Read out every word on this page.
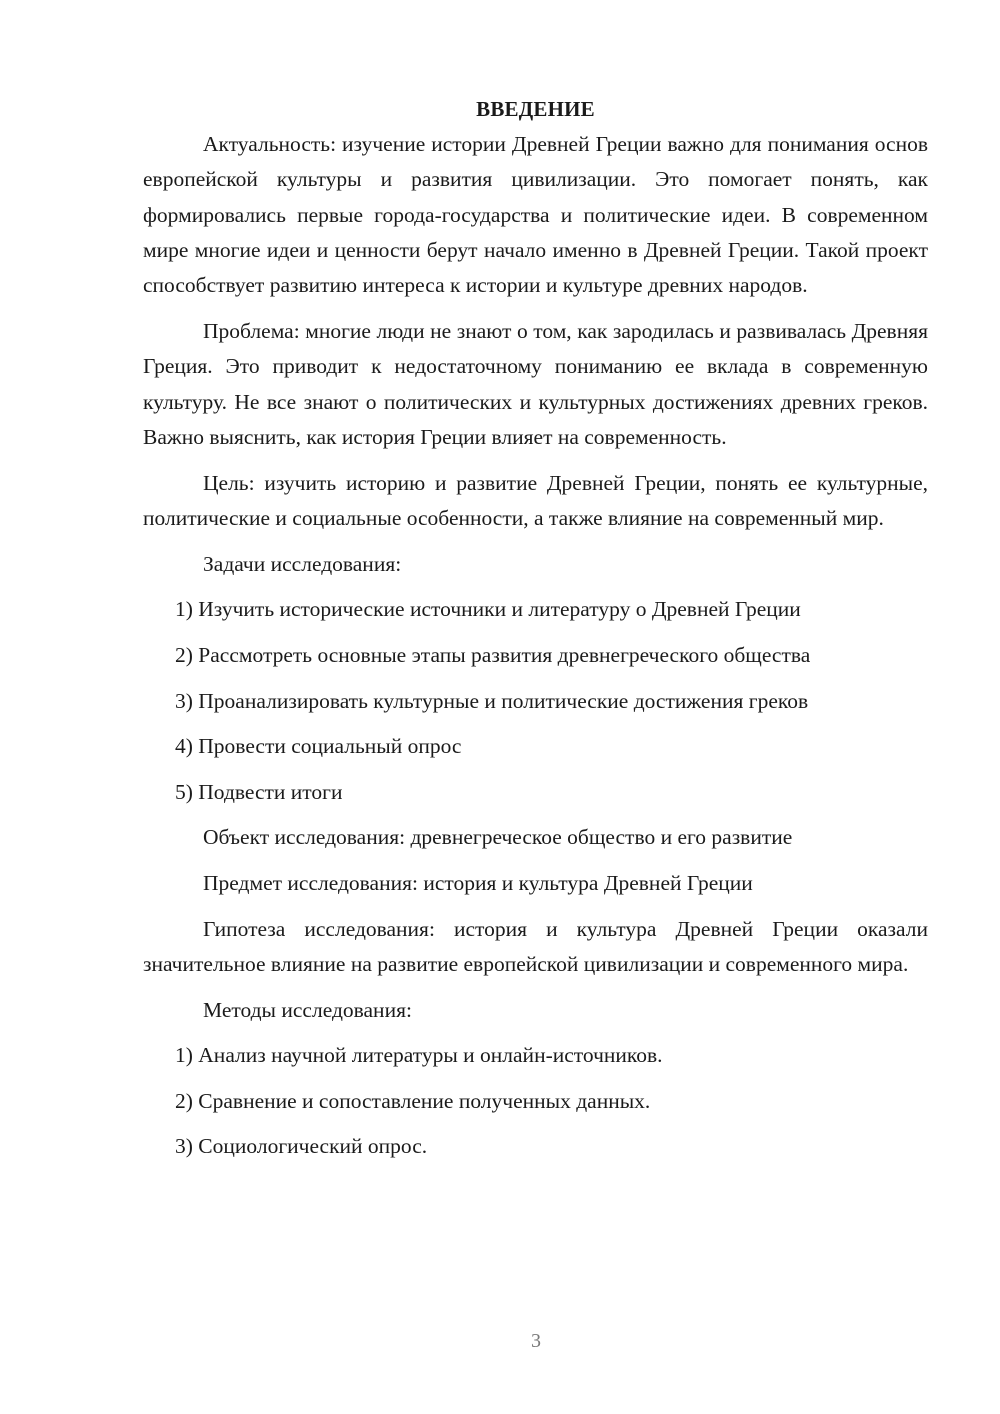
ВВЕДЕНИЕ

Актуальность: изучение истории Древней Греции важно для понимания основ европейской культуры и развития цивилизации. Это помогает понять, как формировались первые города-государства и политические идеи. В современном мире многие идеи и ценности берут начало именно в Древней Греции. Такой проект способствует развитию интереса к истории и культуре древних народов.

Проблема: многие люди не знают о том, как зародилась и развивалась Древняя Греция. Это приводит к недостаточному пониманию ее вклада в современную культуру. Не все знают о политических и культурных достижениях древних греков. Важно выяснить, как история Греции влияет на современность.

Цель: изучить историю и развитие Древней Греции, понять ее культурные, политические и социальные особенности, а также влияние на современный мир.

Задачи исследования:

1) Изучить исторические источники и литературу о Древней Греции

2) Рассмотреть основные этапы развития древнегреческого общества

3) Проанализировать культурные и политические достижения греков

4) Провести социальный опрос

5) Подвести итоги

Объект исследования: древнегреческое общество и его развитие

Предмет исследования: история и культура Древней Греции

Гипотеза исследования: история и культура Древней Греции оказали значительное влияние на развитие европейской цивилизации и современного мира.

Методы исследования:

1) Анализ научной литературы и онлайн-источников.

2) Сравнение и сопоставление полученных данных.

3) Социологический опрос.

3
